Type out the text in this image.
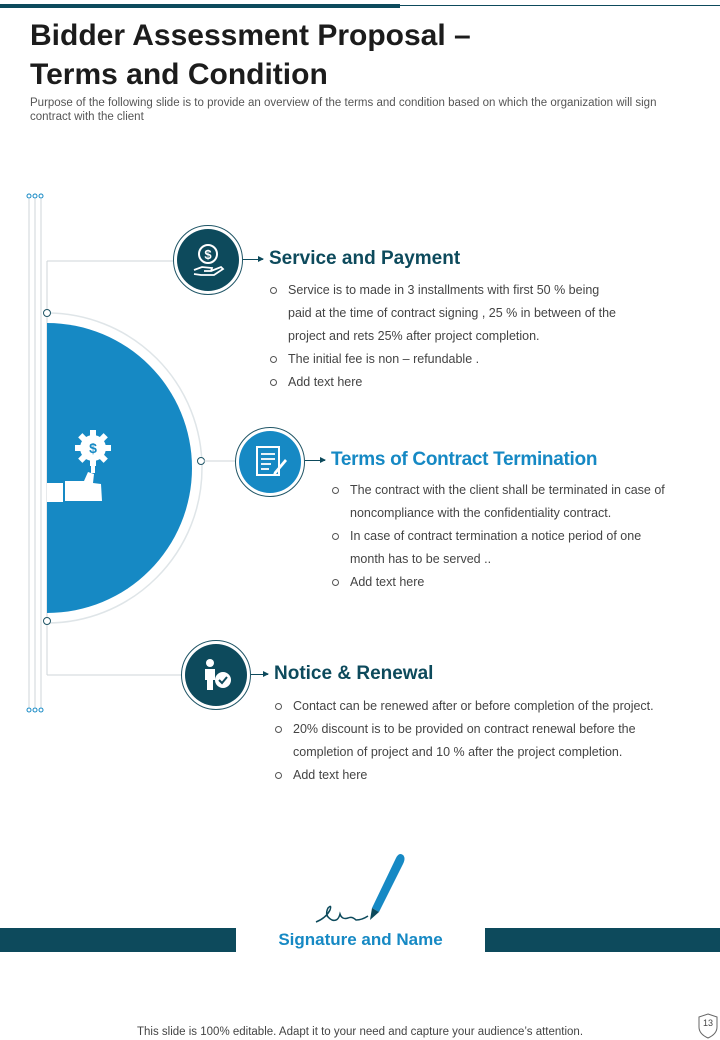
Bidder Assessment Proposal –
Terms and Condition

Purpose of the following slide is to provide an overview of the terms and condition based on which the organization will sign contract with the client

$
$	Service and Payment
Service is to made in 3 installments with first 50 % being paid at the time of contract signing , 25 % in between of the project and rets 25% after project completion.
The initial fee is non – refundable .
Add text here
Terms of Contract Termination
The contract with the client shall be terminated in case of noncompliance with the confidentiality contract.
In case of contract termination a notice period of one month has to be served ..
Add text here
Notice & Renewal
Contact can be renewed after or before completion of the project.
20% discount is to be provided on contract renewal before the completion of project and 10 % after the project completion.
Add text here
Signature and Name
This slide is 100% editable. Adapt it to your need and capture your audience’s attention.
13
